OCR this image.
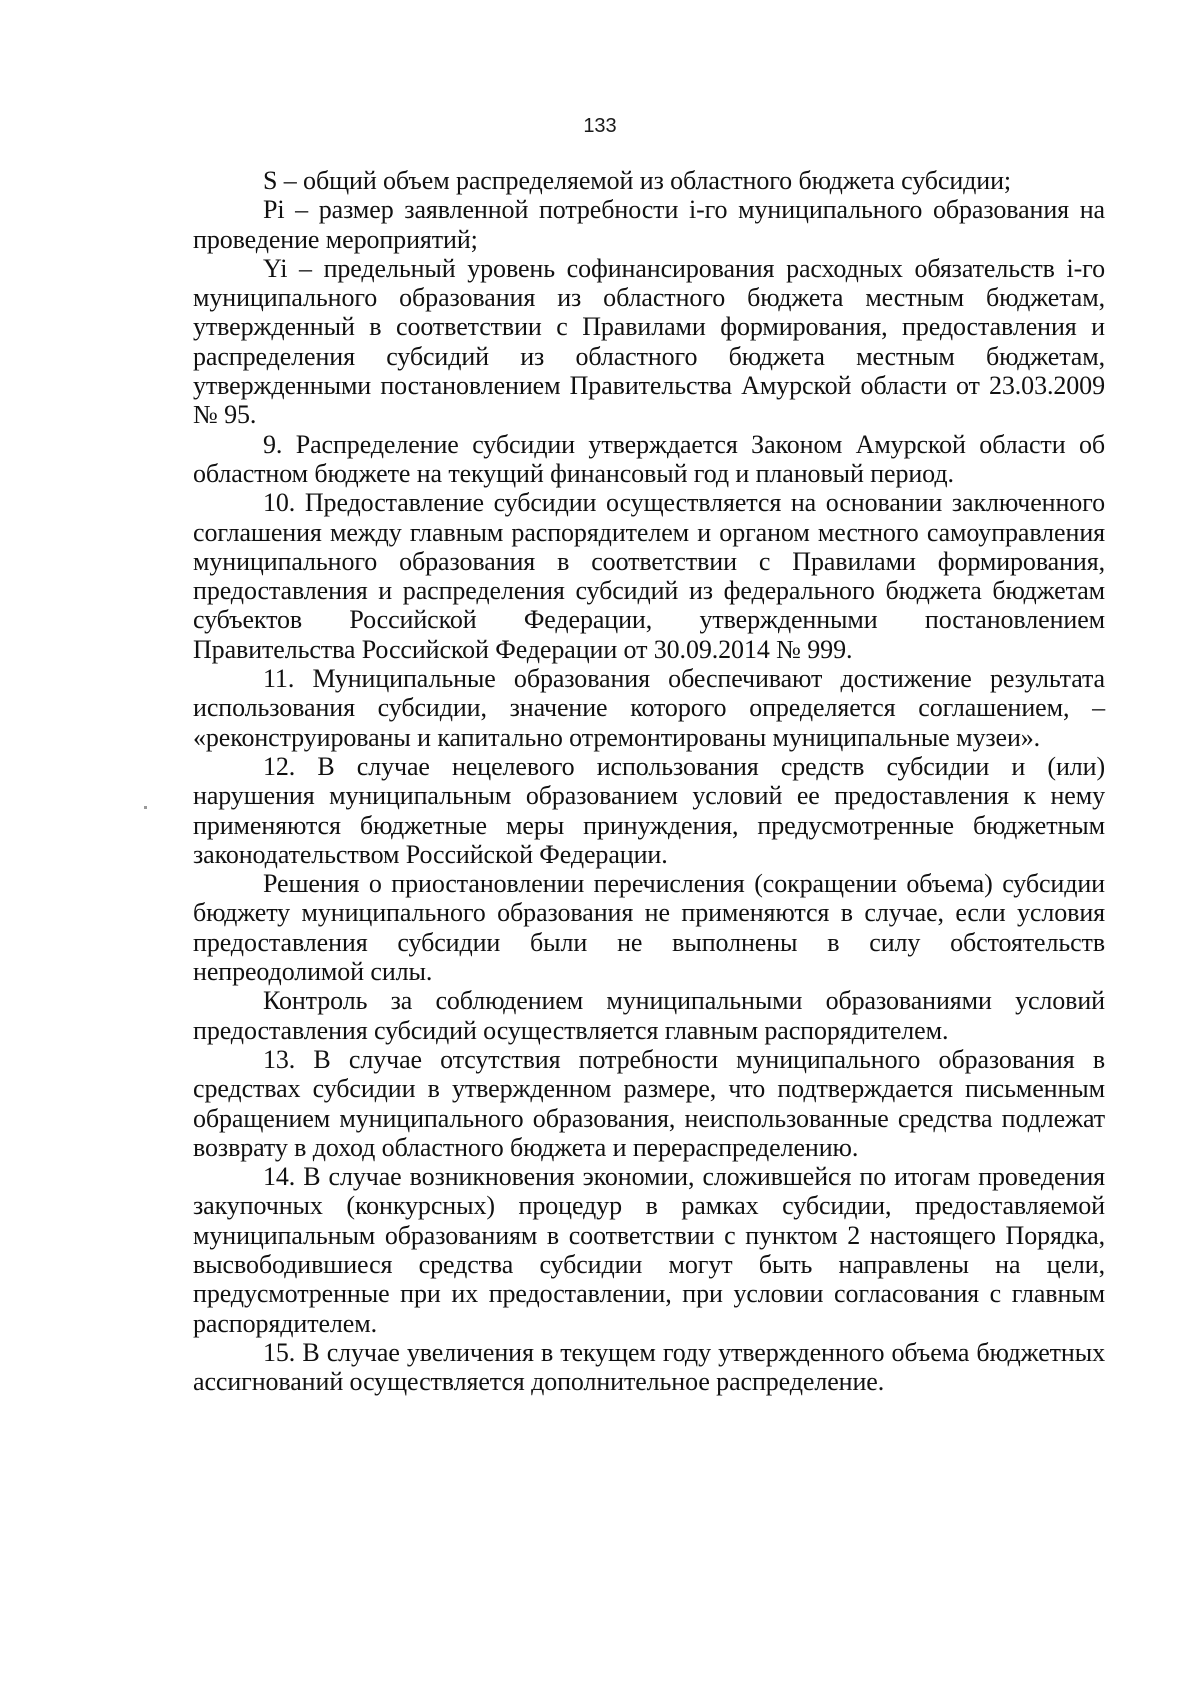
133

S – общий объем распределяемой из областного бюджета субсидии;

Pi – размер заявленной потребности i-го муниципального образования на проведение мероприятий;

Yi – предельный уровень софинансирования расходных обязательств i-го муниципального образования из областного бюджета местным бюджетам, утвержденный в соответствии с Правилами формирования, предоставления и распределения субсидий из областного бюджета местным бюджетам, утвержденными постановлением Правительства Амурской области от 23.03.2009 № 95.

9. Распределение субсидии утверждается Законом Амурской области об областном бюджете на текущий финансовый год и плановый период.

10. Предоставление субсидии осуществляется на основании заключенного соглашения между главным распорядителем и органом местного самоуправления муниципального образования в соответствии с Правилами формирования, предоставления и распределения субсидий из федерального бюджета бюджетам субъектов Российской Федерации, утвержденными постановлением Правительства Российской Федерации от 30.09.2014 № 999.

11. Муниципальные образования обеспечивают достижение результата использования субсидии, значение которого определяется соглашением, – «реконструированы и капитально отремонтированы муниципальные музеи».

12. В случае нецелевого использования средств субсидии и (или) нарушения муниципальным образованием условий ее предоставления к нему применяются бюджетные меры принуждения, предусмотренные бюджетным законодательством Российской Федерации.

Решения о приостановлении перечисления (сокращении объема) субсидии бюджету муниципального образования не применяются в случае, если условия предоставления субсидии были не выполнены в силу обстоятельств непреодолимой силы.

Контроль за соблюдением муниципальными образованиями условий предоставления субсидий осуществляется главным распорядителем.

13. В случае отсутствия потребности муниципального образования в средствах субсидии в утвержденном размере, что подтверждается письменным обращением муниципального образования, неиспользованные средства подлежат возврату в доход областного бюджета и перераспределению.

14. В случае возникновения экономии, сложившейся по итогам проведения закупочных (конкурсных) процедур в рамках субсидии, предоставляемой муниципальным образованиям в соответствии с пунктом 2 настоящего Порядка, высвободившиеся средства субсидии могут быть направлены на цели, предусмотренные при их предоставлении, при условии согласования с главным распорядителем.

15. В случае увеличения в текущем году утвержденного объема бюджетных ассигнований осуществляется дополнительное распределение.
